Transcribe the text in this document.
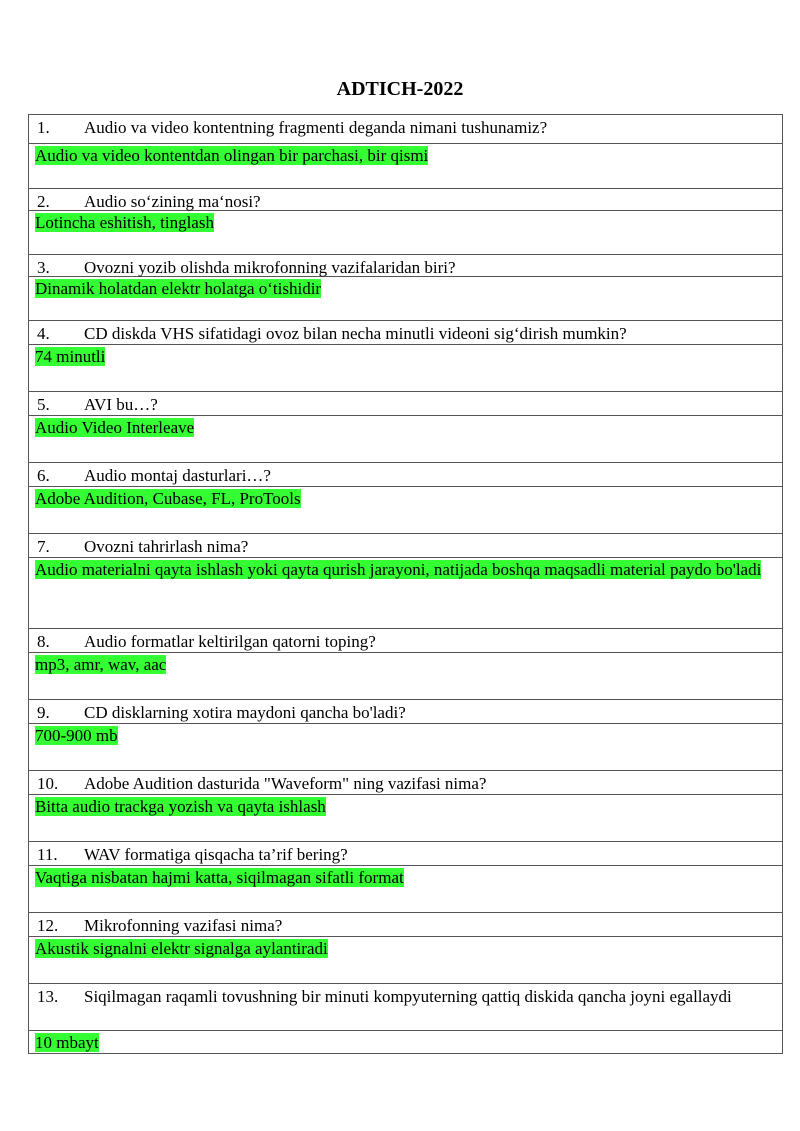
ADTICH-2022
1. Audio va video kontentning fragmenti deganda nimani tushunamiz?
Audio va video kontentdan olingan bir parchasi, bir qismi
2. Audio so‘zining ma‘nosi?
Lotincha eshitish, tinglash
3. Ovozni yozib olishda mikrofonning vazifalaridan biri?
Dinamik holatdan elektr holatga o‘tishidir
4. CD diskda VHS sifatidagi ovoz bilan necha minutli videoni sig‘dirish mumkin?
74 minutli
5. AVI bu…?
Audio Video Interleave
6. Audio montaj dasturlari…?
Adobe Audition, Cubase, FL, ProTools
7. Ovozni tahrirlash nima?
Audio materialni qayta ishlash yoki qayta qurish jarayoni, natijada boshqa maqsadli material paydo bo'ladi
8. Audio formatlar keltirilgan qatorni toping?
mp3, amr, wav, aac
9. CD disklarning xotira maydoni qancha bo'ladi?
700-900 mb
10. Adobe Audition dasturida "Waveform" ning vazifasi nima?
Bitta audio trackga yozish va qayta ishlash
11. WAV formatiga qisqacha ta’rif bering?
Vaqtiga nisbatan hajmi katta, siqilmagan sifatli format
12. Mikrofonning vazifasi nima?
Akustik signalni elektr signalga aylantiradi
13. Siqilmagan raqamli tovushning bir minuti kompyuterning qattiq diskida qancha joyni egallaydi
10 mbayt
